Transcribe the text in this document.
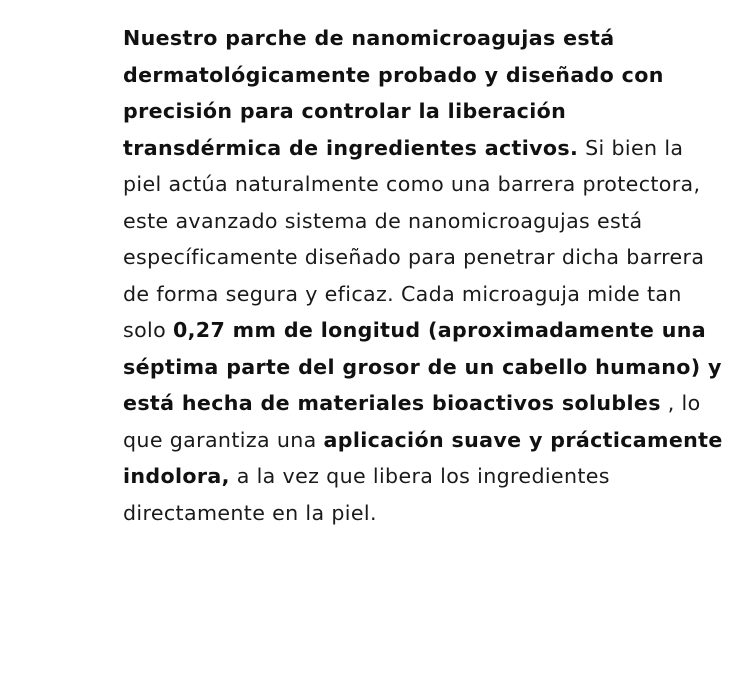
Nuestro parche de nanomicroagujas está dermatológicamente probado y diseñado con precisión para controlar la liberación transdérmica de ingredientes activos. Si bien la piel actúa naturalmente como una barrera protectora, este avanzado sistema de nanomicroagujas está específicamente diseñado para penetrar dicha barrera de forma segura y eficaz. Cada microaguja mide tan solo 0,27 mm de longitud (aproximadamente una séptima parte del grosor de un cabello humano) y está hecha de materiales bioactivos solubles , lo que garantiza una aplicación suave y prácticamente indolora, a la vez que libera los ingredientes directamente en la piel.
